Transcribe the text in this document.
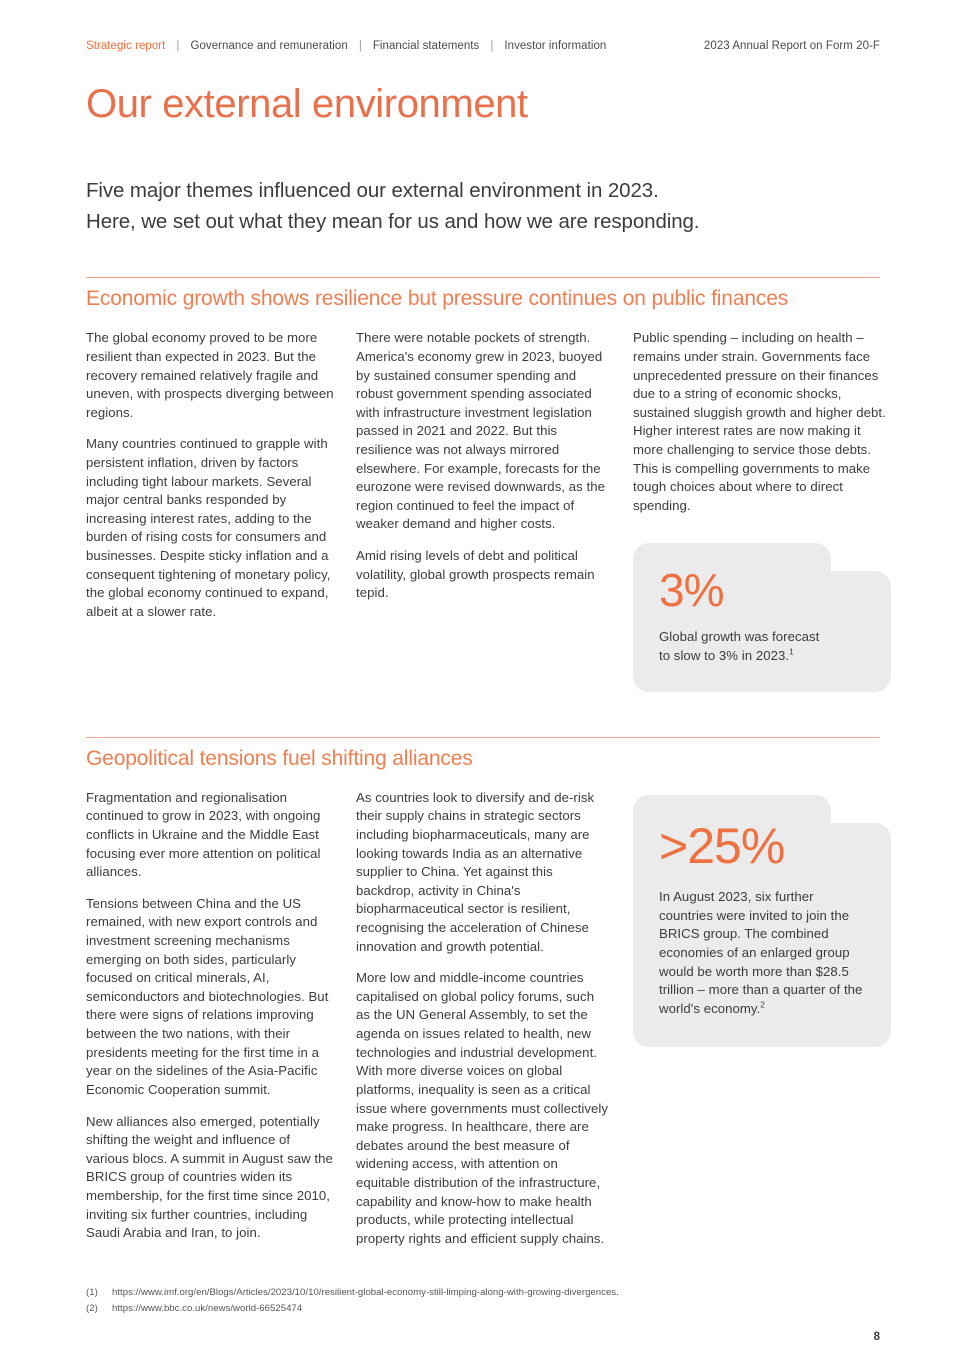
Strategic report | Governance and remuneration | Financial statements | Investor information	2023 Annual Report on Form 20-F
Our external environment
Five major themes influenced our external environment in 2023.
Here, we set out what they mean for us and how we are responding.
Economic growth shows resilience but pressure continues on public finances

The global economy proved to be more resilient than expected in 2023. But the recovery remained relatively fragile and uneven, with prospects diverging between regions.

Many countries continued to grapple with persistent inflation, driven by factors including tight labour markets. Several major central banks responded by increasing interest rates, adding to the burden of rising costs for consumers and businesses. Despite sticky inflation and a consequent tightening of monetary policy, the global economy continued to expand, albeit at a slower rate.

There were notable pockets of strength. America's economy grew in 2023, buoyed by sustained consumer spending and robust government spending associated with infrastructure investment legislation passed in 2021 and 2022. But this resilience was not always mirrored elsewhere. For example, forecasts for the eurozone were revised downwards, as the region continued to feel the impact of weaker demand and higher costs.

Amid rising levels of debt and political volatility, global growth prospects remain tepid.

Public spending – including on health – remains under strain. Governments face unprecedented pressure on their finances due to a string of economic shocks, sustained sluggish growth and higher debt. Higher interest rates are now making it more challenging to service those debts. This is compelling governments to make tough choices about where to direct spending.

3%
Global growth was forecast
to slow to 3% in 2023.$^1$
Geopolitical tensions fuel shifting alliances

Fragmentation and regionalisation continued to grow in 2023, with ongoing conflicts in Ukraine and the Middle East focusing ever more attention on political alliances.

Tensions between China and the US remained, with new export controls and investment screening mechanisms emerging on both sides, particularly focused on critical minerals, AI, semiconductors and biotechnologies. But there were signs of relations improving between the two nations, with their presidents meeting for the first time in a year on the sidelines of the Asia-Pacific Economic Cooperation summit.

New alliances also emerged, potentially shifting the weight and influence of various blocs. A summit in August saw the BRICS group of countries widen its membership, for the first time since 2010, inviting six further countries, including Saudi Arabia and Iran, to join.

As countries look to diversify and de-risk their supply chains in strategic sectors including biopharmaceuticals, many are looking towards India as an alternative supplier to China. Yet against this backdrop, activity in China's biopharmaceutical sector is resilient, recognising the acceleration of Chinese innovation and growth potential.

More low and middle-income countries capitalised on global policy forums, such as the UN General Assembly, to set the agenda on issues related to health, new technologies and industrial development. With more diverse voices on global platforms, inequality is seen as a critical issue where governments must collectively make progress. In healthcare, there are debates around the best measure of widening access, with attention on equitable distribution of the infrastructure, capability and know-how to make health products, while protecting intellectual property rights and efficient supply chains.

>25%
In August 2023, six further countries were invited to join the BRICS group. The combined economies of an enlarged group would be worth more than $28.5 trillion – more than a quarter of the world's economy.$^2$
(1) https://www.imf.org/en/Blogs/Articles/2023/10/10/resilient-global-economy-still-limping-along-with-growing-divergences.
(2) https://www.bbc.co.uk/news/world-66525474
8
